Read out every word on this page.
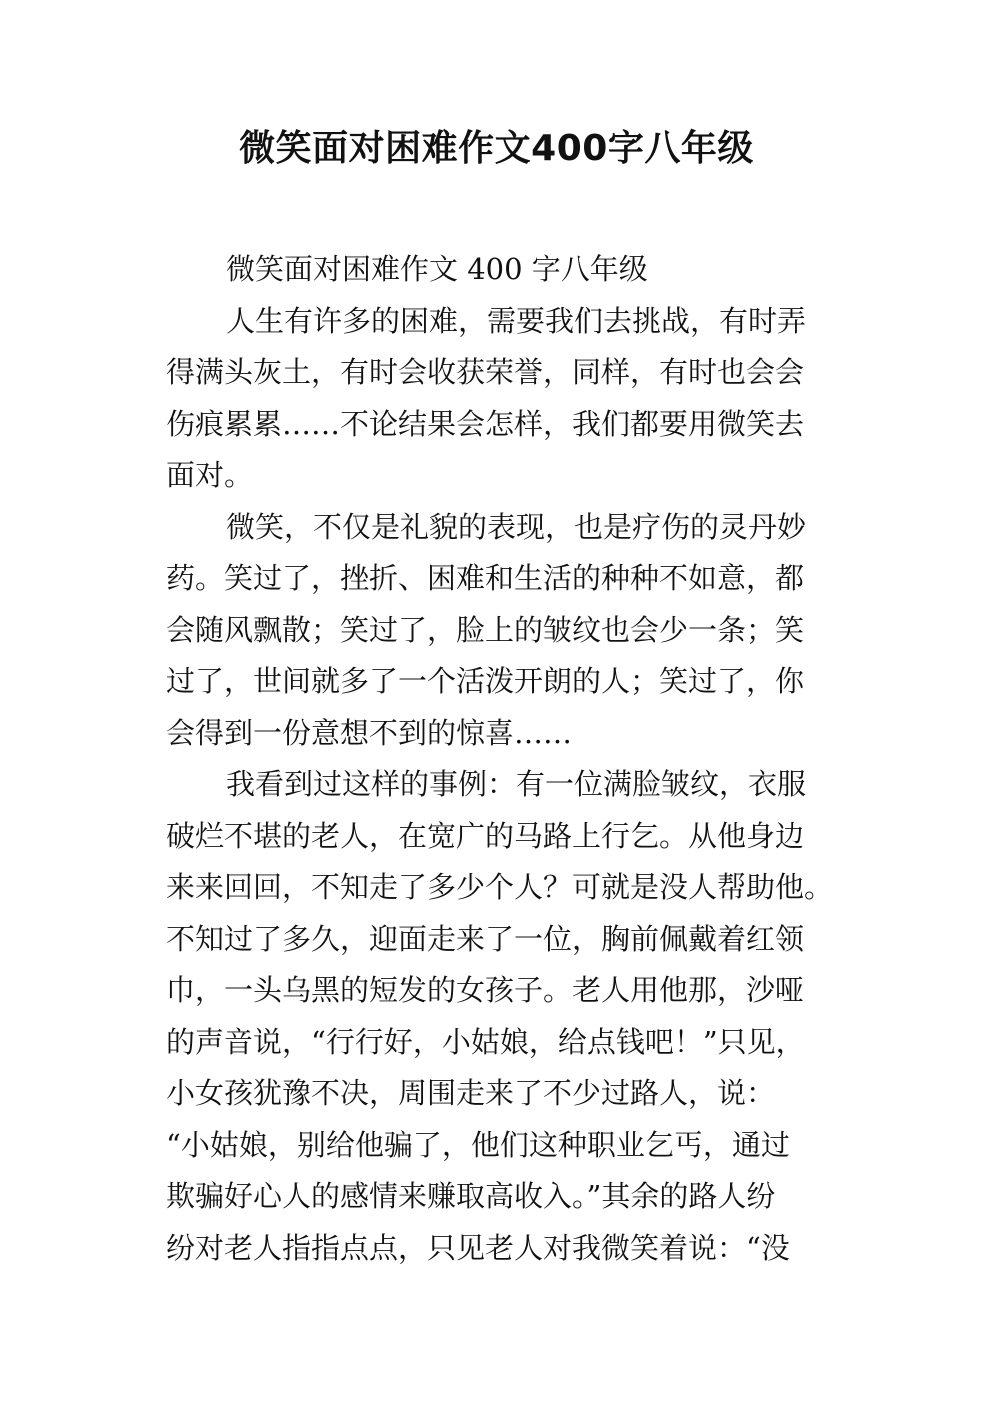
微笑面对困难作文400字八年级
微笑面对困难作文 400 字八年级
人生有许多的困难，需要我们去挑战，有时弄
得满头灰土，有时会收获荣誉，同样，有时也会会
伤痕累累……不论结果会怎样，我们都要用微笑去
面对。
微笑，不仅是礼貌的表现，也是疗伤的灵丹妙
药。笑过了，挫折、困难和生活的种种不如意，都
会随风飘散；笑过了，脸上的皱纹也会少一条；笑
过了，世间就多了一个活泼开朗的人；笑过了，你
会得到一份意想不到的惊喜……
我看到过这样的事例：有一位满脸皱纹，衣服
破烂不堪的老人，在宽广的马路上行乞。从他身边
来来回回，不知走了多少个人？可就是没人帮助他。
不知过了多久，迎面走来了一位，胸前佩戴着红领
巾，一头乌黑的短发的女孩子。老人用他那，沙哑
的声音说，“行行好，小姑娘，给点钱吧！”只见，
小女孩犹豫不决，周围走来了不少过路人，说：
“小姑娘，别给他骗了，他们这种职业乞丐，通过
欺骗好心人的感情来赚取高收入。”其余的路人纷
纷对老人指指点点，只见老人对我微笑着说：“没
